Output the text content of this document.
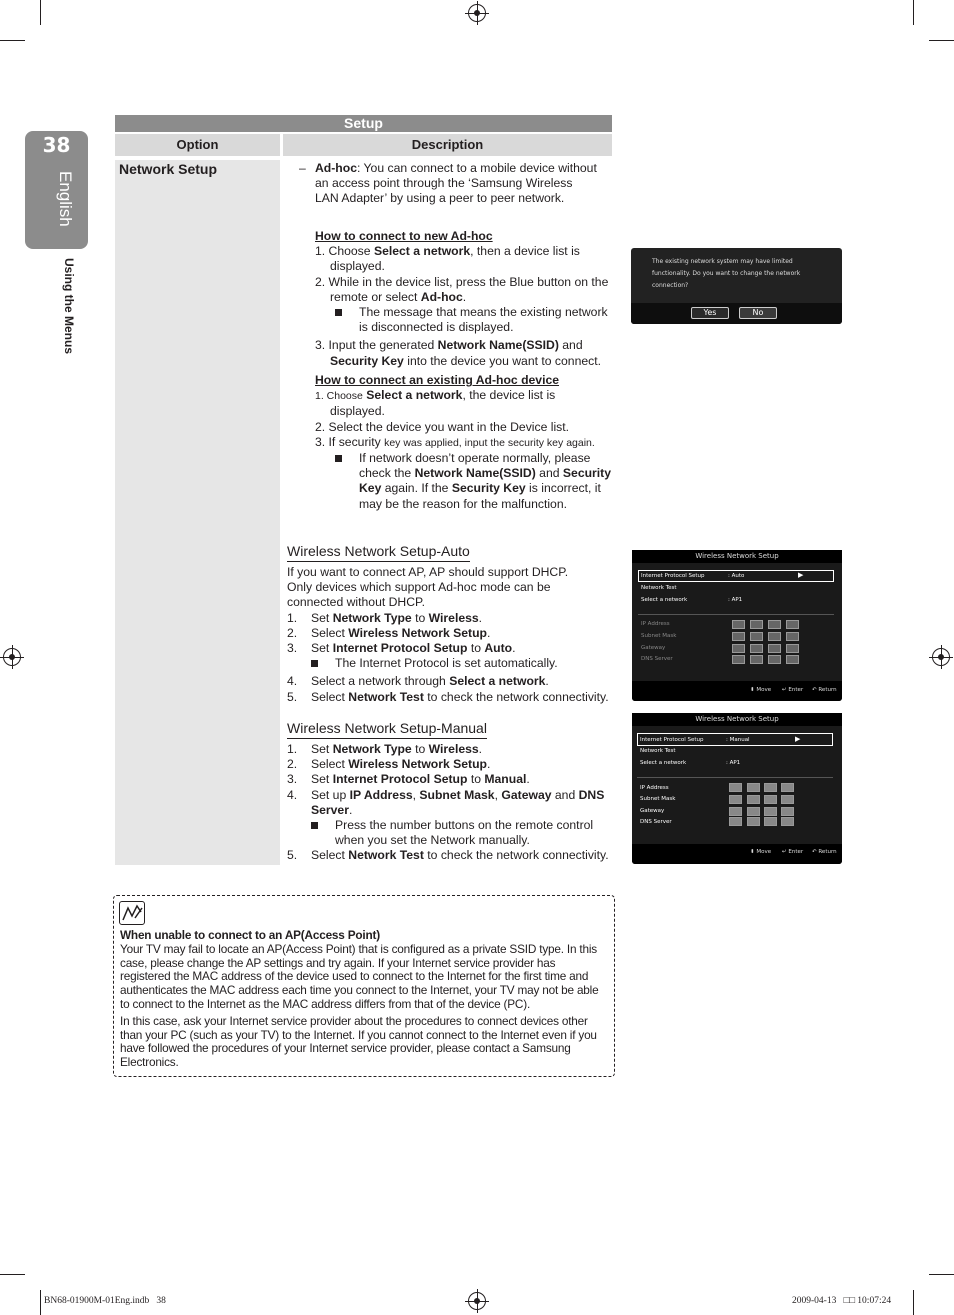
38
English
Using the Menus
Setup
Option	Description
Network Setup	– Ad-hoc: You can connect to a mobile device without an access point through the ‘Samsung Wireless LAN Adapter’ by using a peer to peer network.
How to connect to new Ad-hoc
1. Choose Select a network, then a device list is displayed.
2. While in the device list, press the Blue button on the remote or select Ad-hoc.
The message that means the existing network is disconnected is displayed.
3. Input the generated Network Name(SSID) and Security Key into the device you want to connect.
How to connect an existing Ad-hoc device
1. Choose Select a network, the device list is displayed.
2. Select the device you want in the Device list.
3. If security key was applied, input the security key again.
If network doesn’t operate normally, please check the Network Name(SSID) and Security Key again. If the Security Key is incorrect, it may be the reason for the malfunction.
Wireless Network Setup-Auto
If you want to connect AP, AP should support DHCP. Only devices which support Ad-hoc mode can be connected without DHCP.
1. Set Network Type to Wireless.
2. Select Wireless Network Setup.
3. Set Internet Protocol Setup to Auto.
The Internet Protocol is set automatically.
4. Select a network through Select a network.
5. Select Network Test to check the network connectivity.
Wireless Network Setup-Manual
1. Set Network Type to Wireless.
2. Select Wireless Network Setup.
3. Set Internet Protocol Setup to Manual.
4. Set up IP Address, Subnet Mask, Gateway and DNS Server.
Press the number buttons on the remote control when you set the Network manually.
5. Select Network Test to check the network connectivity.
The existing network system may have limited functionality. Do you want to change the network connection?
Yes	No
Wireless Network Setup
Internet Protocol Setup	: Auto	▶
Network Test
Select a network	: AP1
IP Address
Subnet Mask
Gateway
DNS Server
⬍ Move ↵ Enter ↶ Return
Wireless Network Setup
Internet Protocol Setup	: Manual	▶
Network Test
Select a network	: AP1
IP Address
Subnet Mask
Gateway
DNS Server
⬍ Move ↵ Enter ↶ Return
When unable to connect to an AP(Access Point)
Your TV may fail to locate an AP(Access Point) that is configured as a private SSID type. In this case, please change the AP settings and try again. If your Internet service provider has registered the MAC address of the device used to connect to the Internet for the first time and authenticates the MAC address each time you connect to the Internet, your TV may not be able to connect to the Internet as the MAC address differs from that of the device (PC).
In this case, ask your Internet service provider about the procedures to connect devices other than your PC (such as your TV) to the Internet. If you cannot connect to the Internet even if you have followed the procedures of your Internet service provider, please contact a Samsung Electronics.
BN68-01900M-01Eng.indb   38	2009-04-13   □□ 10:07:24
